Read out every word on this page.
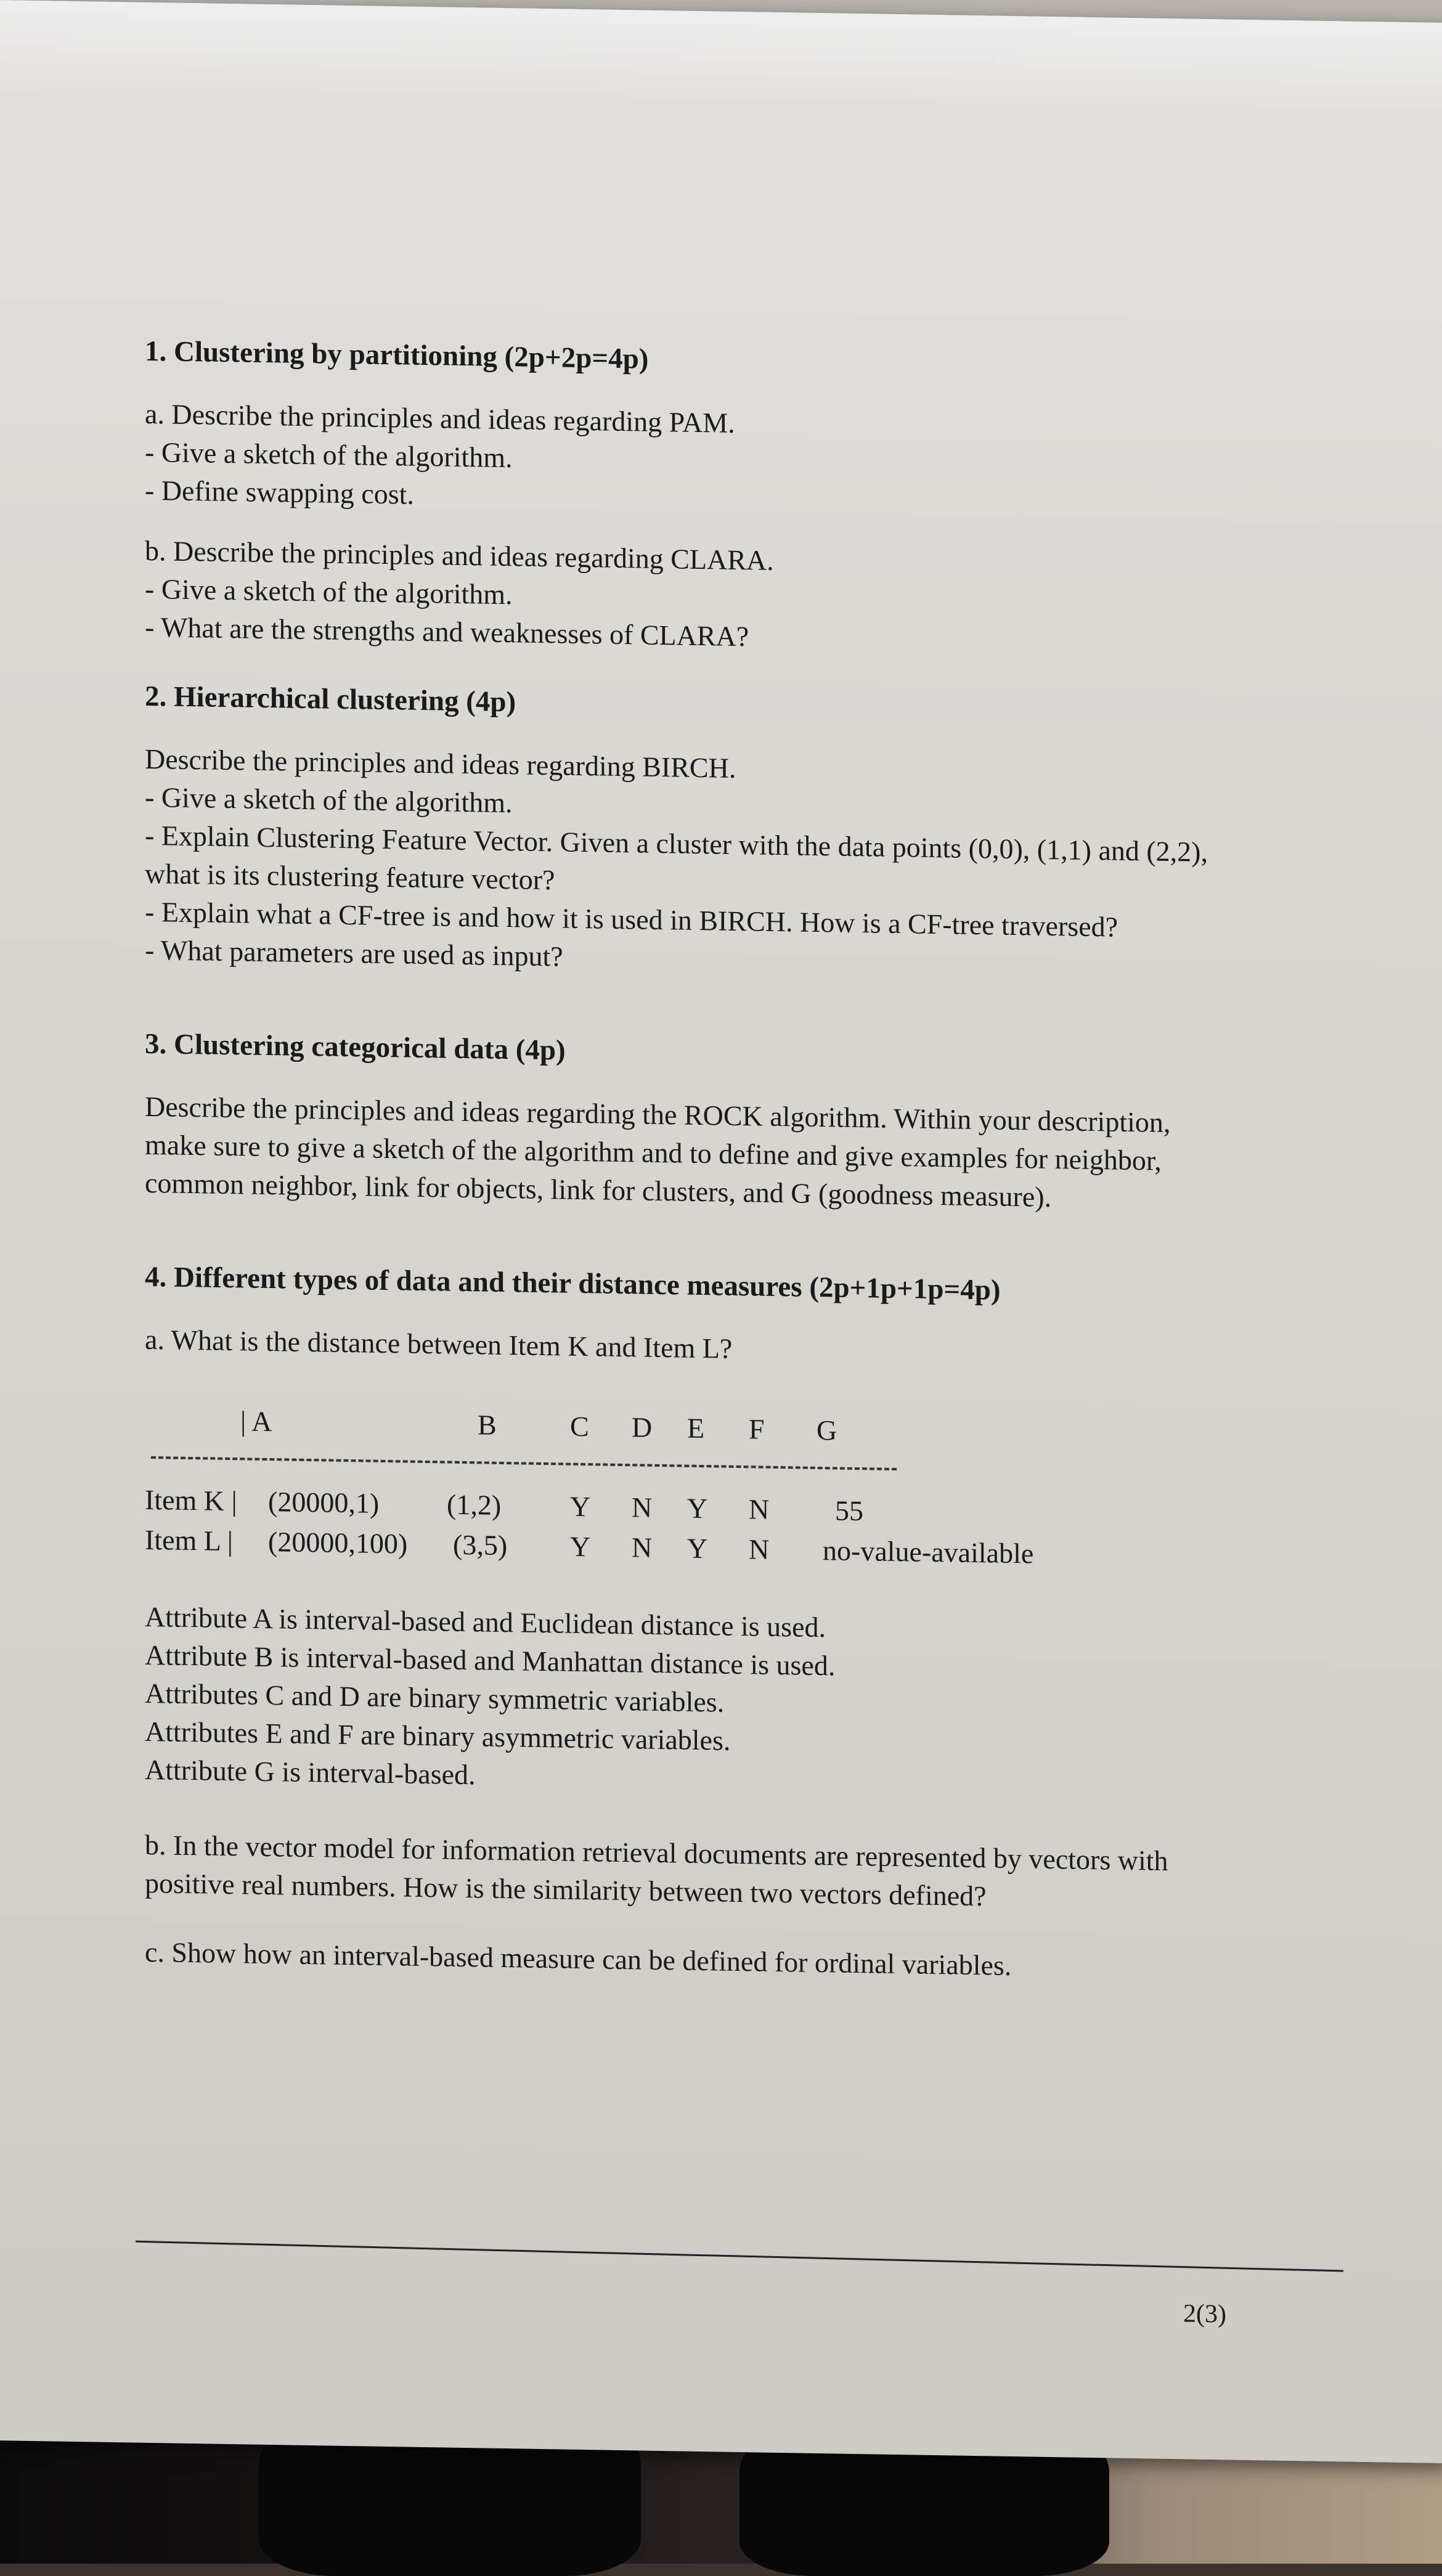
1. Clustering by partitioning (2p+2p=4p)
a. Describe the principles and ideas regarding PAM.
- Give a sketch of the algorithm.
- Define swapping cost.
b. Describe the principles and ideas regarding CLARA.
- Give a sketch of the algorithm.
- What are the strengths and weaknesses of CLARA?
2. Hierarchical clustering (4p)
Describe the principles and ideas regarding BIRCH.
- Give a sketch of the algorithm.
- Explain Clustering Feature Vector. Given a cluster with the data points (0,0), (1,1) and (2,2),
what is its clustering feature vector?
- Explain what a CF-tree is and how it is used in BIRCH. How is a CF-tree traversed?
- What parameters are used as input?
3. Clustering categorical data (4p)
Describe the principles and ideas regarding the ROCK algorithm. Within your description,
make sure to give a sketch of the algorithm and to define and give examples for neighbor,
common neighbor, link for objects, link for clusters, and G (goodness measure).
4. Different types of data and their distance measures (2p+1p+1p=4p)
a. What is the distance between Item K and Item L?
| A	B	C D E F G
Item K | (20000,1) (1,2) Y N Y N 55
Item L | (20000,100) (3,5) Y N Y N no-value-available
Attribute A is interval-based and Euclidean distance is used.
Attribute B is interval-based and Manhattan distance is used.
Attributes C and D are binary symmetric variables.
Attributes E and F are binary asymmetric variables.
Attribute G is interval-based.
b. In the vector model for information retrieval documents are represented by vectors with
positive real numbers. How is the similarity between two vectors defined?
c. Show how an interval-based measure can be defined for ordinal variables.
2(3)
